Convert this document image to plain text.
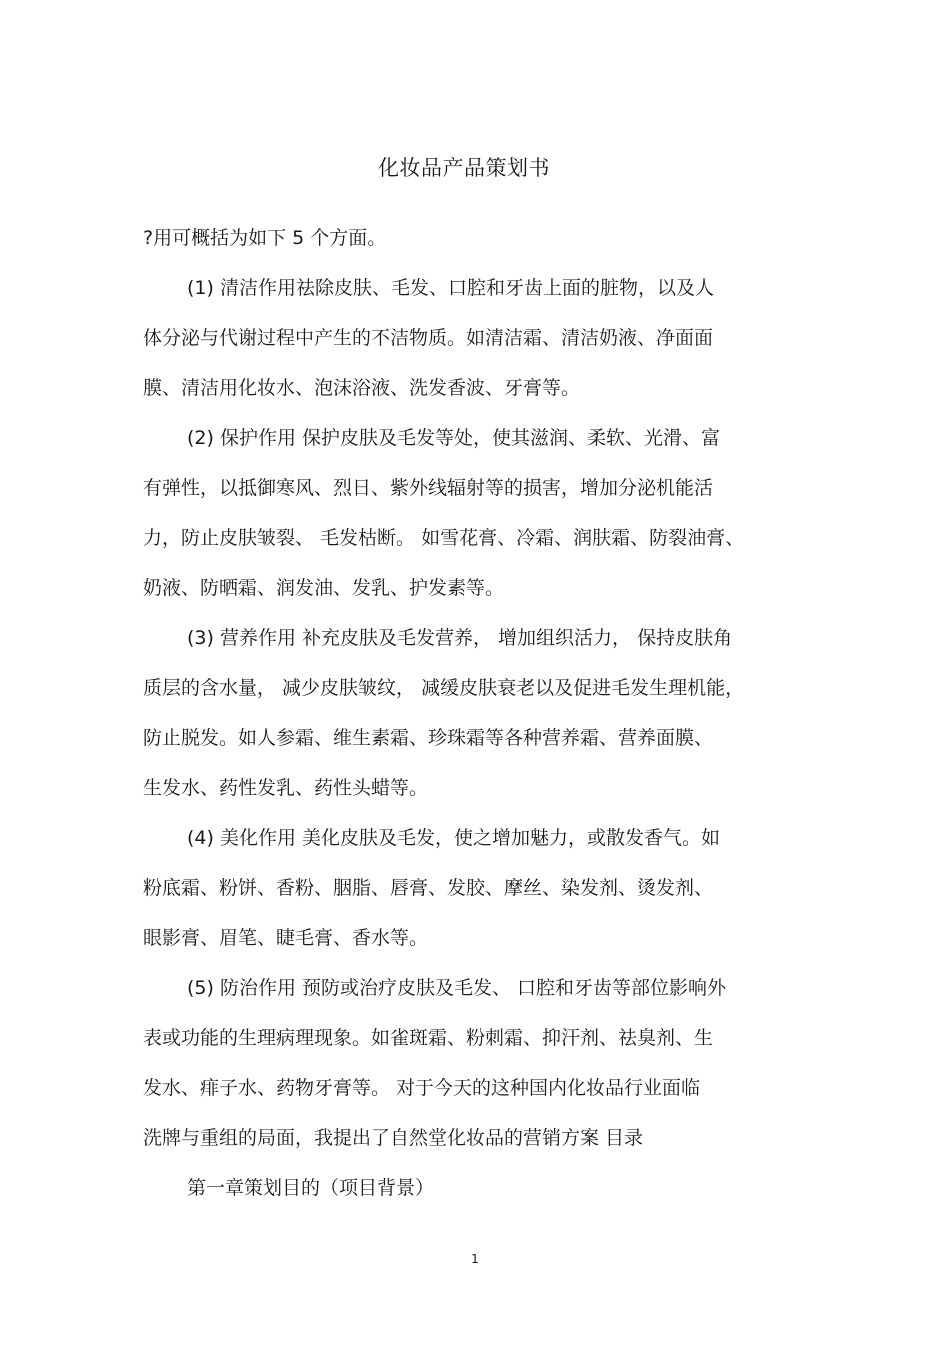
化妆品产品策划书
?用可概括为如下 5 个方面。
(1) 清洁作用祛除皮肤、毛发、口腔和牙齿上面的脏物，以及人
体分泌与代谢过程中产生的不洁物质。如清洁霜、清洁奶液、净面面
膜、清洁用化妆水、泡沫浴液、洗发香波、牙膏等。
(2) 保护作用 保护皮肤及毛发等处，使其滋润、柔软、光滑、富
有弹性，以抵御寒风、烈日、紫外线辐射等的损害，增加分泌机能活
力，防止皮肤皱裂、 毛发枯断。 如雪花膏、冷霜、润肤霜、防裂油膏、
奶液、防晒霜、润发油、发乳、护发素等。
(3) 营养作用 补充皮肤及毛发营养， 增加组织活力， 保持皮肤角
质层的含水量， 减少皮肤皱纹， 减缓皮肤衰老以及促进毛发生理机能，
防止脱发。如人参霜、维生素霜、珍珠霜等各种营养霜、营养面膜、
生发水、药性发乳、药性头蜡等。
(4) 美化作用 美化皮肤及毛发，使之增加魅力，或散发香气。如
粉底霜、粉饼、香粉、胭脂、唇膏、发胶、摩丝、染发剂、烫发剂、
眼影膏、眉笔、睫毛膏、香水等。
(5) 防治作用 预防或治疗皮肤及毛发、 口腔和牙齿等部位影响外
表或功能的生理病理现象。如雀斑霜、粉刺霜、抑汗剂、祛臭剂、生
发水、痱子水、药物牙膏等。 对于今天的这种国内化妆品行业面临
洗牌与重组的局面，我提出了自然堂化妆品的营销方案 目录
第一章策划目的（项目背景）
1
